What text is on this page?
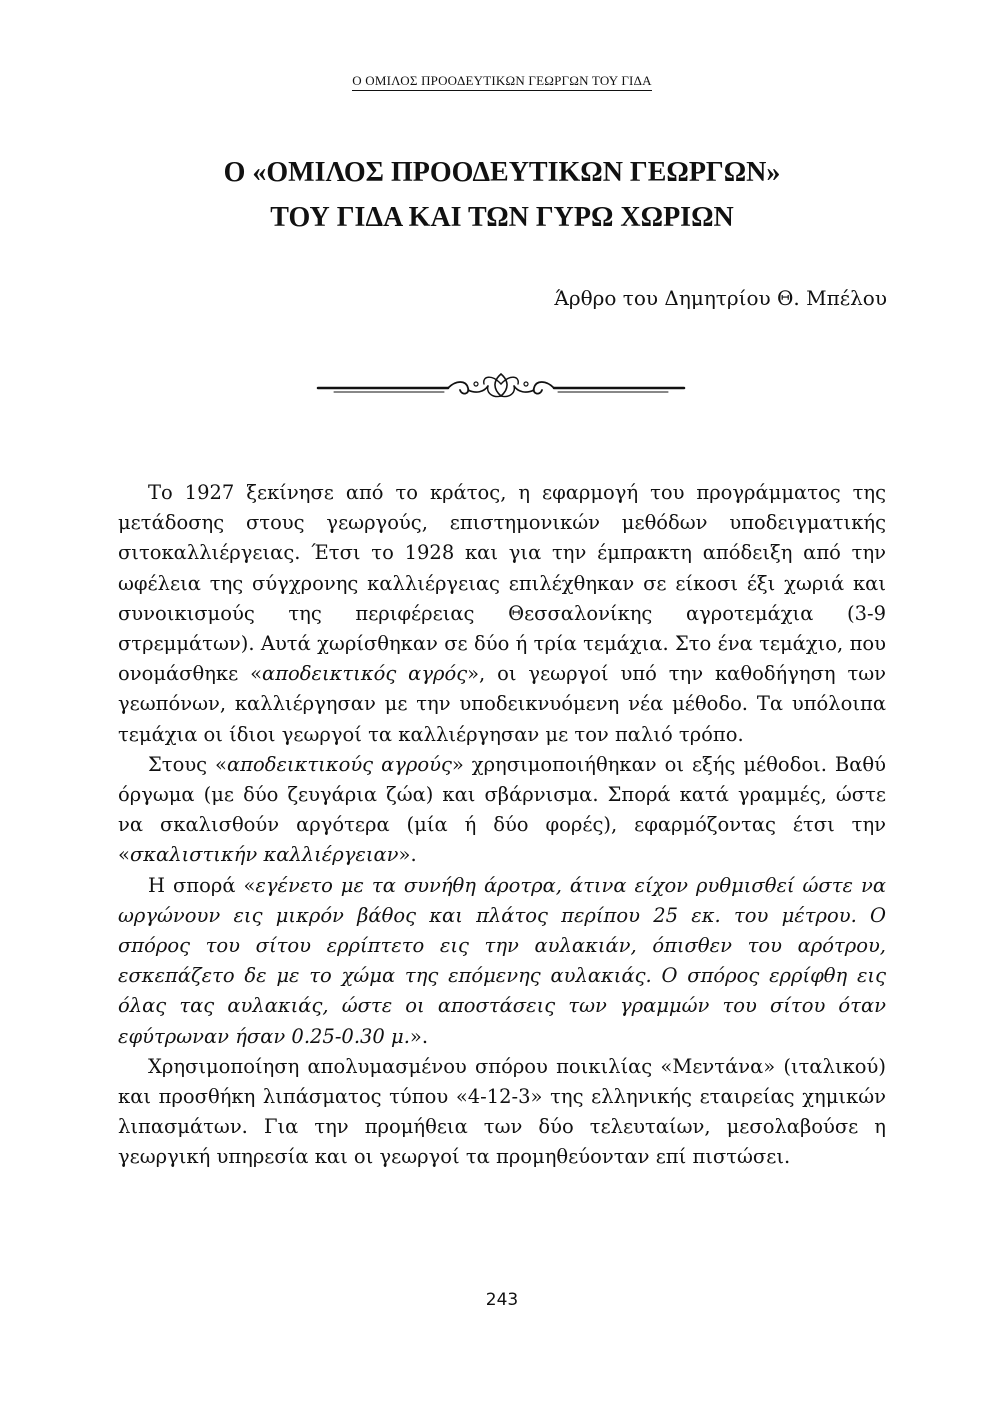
Ο ΟΜΙΛΟΣ ΠΡΟΟΔΕΥΤΙΚΩΝ ΓΕΩΡΓΩΝ ΤΟΥ ΓΙΔΑ
Ο «ΟΜΙΛΟΣ ΠΡΟΟΔΕΥΤΙΚΩΝ ΓΕΩΡΓΩΝ»
ΤΟΥ ΓΙΔΑ ΚΑΙ ΤΩΝ ΓΥΡΩ ΧΩΡΙΩΝ

Άρθρο του Δημητρίου Θ. Μπέλου

Το 1927 ξεκίνησε από το κράτος, η εφαρμογή του προγράμματος της μετάδοσης στους γεωργούς, επιστημονικών μεθόδων υποδειγματικής σιτοκαλλιέργειας. Έτσι το 1928 και για την έμπρακτη απόδειξη από την ωφέλεια της σύγχρονης καλλιέργειας επιλέχθηκαν σε είκοσι έξι χωριά και συνοικισμούς της περιφέρειας Θεσσαλονίκης αγροτεμάχια (3-9 στρεμμάτων). Αυτά χωρίσθηκαν σε δύο ή τρία τεμάχια. Στο ένα τεμάχιο, που ονομάσθηκε «αποδεικτικός αγρός», οι γεωργοί υπό την καθοδήγηση των γεωπόνων, καλλιέργησαν με την υποδεικνυόμενη νέα μέθοδο. Τα υπόλοιπα τεμάχια οι ίδιοι γεωργοί τα καλλιέργησαν με τον παλιό τρόπο.

Στους «αποδεικτικούς αγρούς» χρησιμοποιήθηκαν οι εξής μέθοδοι. Βαθύ όργωμα (με δύο ζευγάρια ζώα) και σβάρνισμα. Σπορά κατά γραμμές, ώστε να σκαλισθούν αργότερα (μία ή δύο φορές), εφαρμόζοντας έτσι την «σκαλιστικήν καλλιέργειαν».

Η σπορά «εγένετο με τα συνήθη άροτρα, άτινα είχον ρυθμισθεί ώστε να ωργώνουν εις μικρόν βάθος και πλάτος περίπου 25 εκ. του μέτρου. Ο σπόρος του σίτου ερρίπτετο εις την αυλακιάν, όπισθεν του αρότρου, εσκεπάζετο δε με το χώμα της επόμενης αυλακιάς. Ο σπόρος ερρίφθη εις όλας τας αυλακιάς, ώστε οι αποστάσεις των γραμμών του σίτου όταν εφύτρωναν ήσαν 0.25-0.30 μ.».

Χρησιμοποίηση απολυμασμένου σπόρου ποικιλίας «Μεντάνα» (ιταλικού) και προσθήκη λιπάσματος τύπου «4-12-3» της ελληνικής εταιρείας χημικών λιπασμάτων. Για την προμήθεια των δύο τελευταίων, μεσολαβούσε η γεωργική υπηρεσία και οι γεωργοί τα προμηθεύονταν επί πιστώσει.

243
